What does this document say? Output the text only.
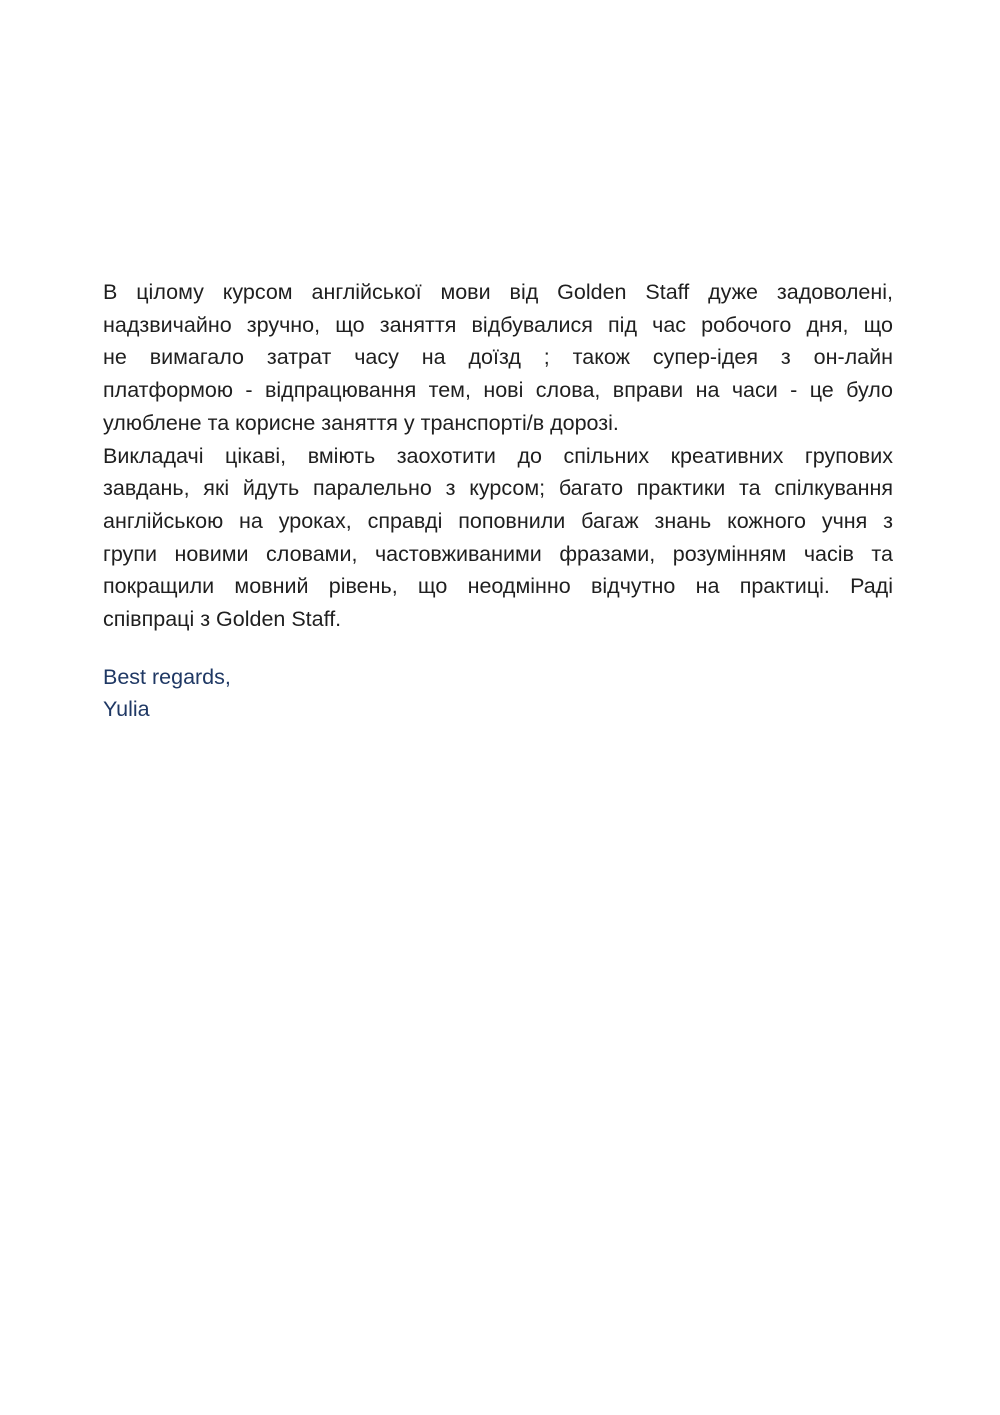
В цілому курсом англійської мови від Golden Staff дуже задоволені,
надзвичайно зручно, що заняття відбувалися під час робочого дня, що
не вимагало затрат часу на доїзд ; також супер-ідея з он-лайн
платформою - відпрацювання тем, нові слова, вправи на часи - це було
улюблене та корисне заняття у транспорті/в дорозі.
Викладачі цікаві, вміють заохотити до спільних креативних групових
завдань, які йдуть паралельно з курсом; багато практики та спілкування
англійською на уроках, справді поповнили багаж знань кожного учня з
групи новими словами, частовживаними фразами, розумінням часів та
покращили мовний рівень, що неодмінно відчутно на практиці. Раді
співпраці з Golden Staff.
Best regards,
Yulia
